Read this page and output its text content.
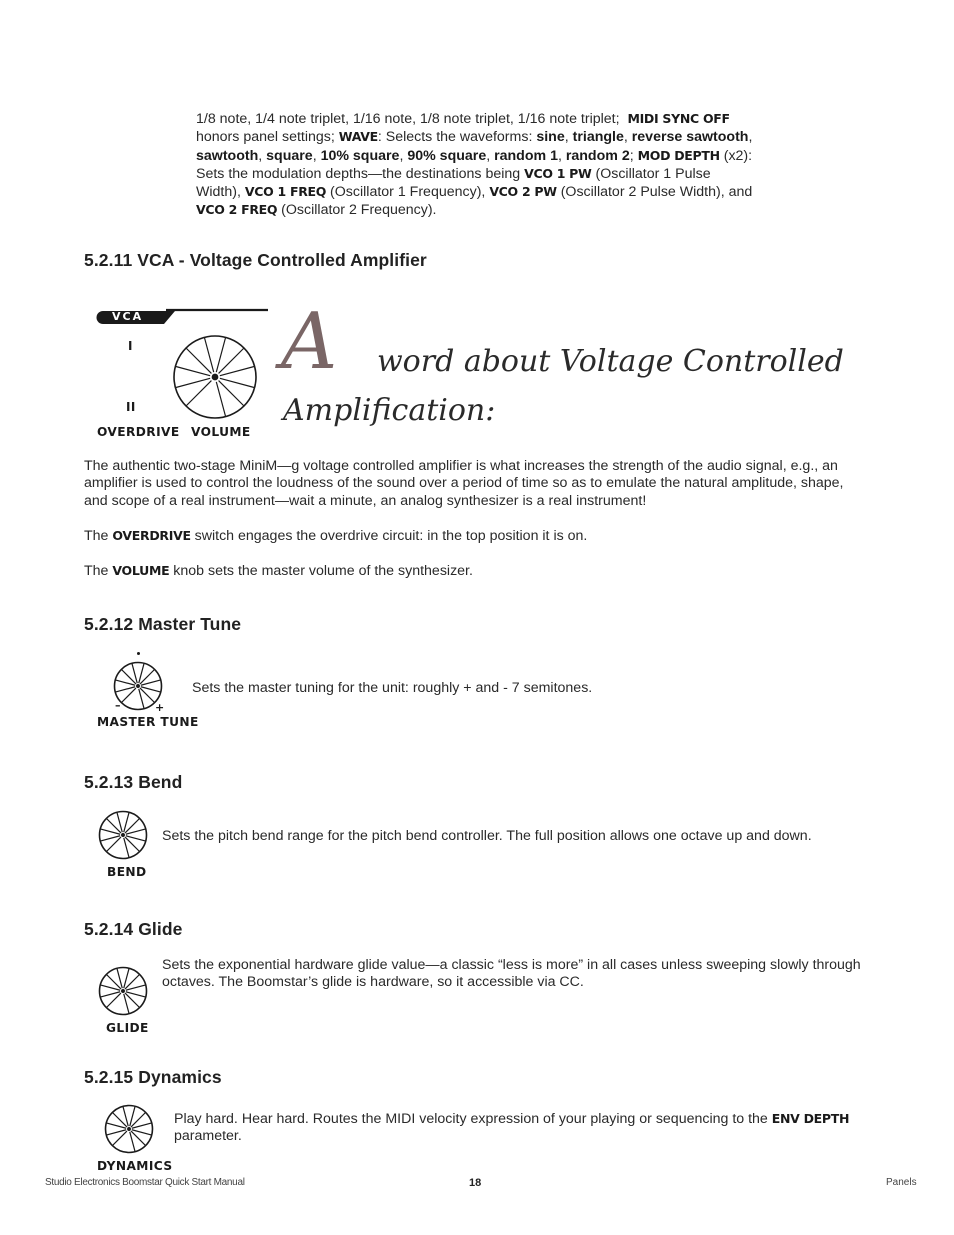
1/8 note, 1/4 note triplet, 1/16 note, 1/8 note triplet, 1/16 note triplet; MIDI SYNC OFF honors panel settings; WAVE: Selects the waveforms: sine, triangle, reverse sawtooth, sawtooth, square, 10% square, 90% square, random 1, random 2; MOD DEPTH (x2): Sets the modulation depths—the destinations being VCO 1 PW (Oscillator 1 Pulse Width), VCO 1 FREQ (Oscillator 1 Frequency), VCO 2 PW (Oscillator 2 Pulse Width), and VCO 2 FREQ (Oscillator 2 Frequency).
5.2.11 VCA - Voltage Controlled Amplifier
VCA
I
II
OVERDRIVE VOLUME
A word about Voltage Controlled
Amplification:
The authentic two-stage MiniM—g voltage controlled amplifier is what increases the strength of the audio signal, e.g., an amplifier is used to control the loudness of the sound over a period of time so as to emulate the natural amplitude, shape, and scope of a real instrument—wait a minute, an analog synthesizer is a real instrument!
The OVERDRIVE switch engages the overdrive circuit: in the top position it is on.
The VOLUME knob sets the master volume of the synthesizer.
5.2.12 Master Tune
–	+
MASTER TUNE
Sets the master tuning for the unit: roughly + and - 7 semitones.
5.2.13 Bend
BEND
Sets the pitch bend range for the pitch bend controller. The full position allows one octave up and down.
5.2.14 Glide
GLIDE
Sets the exponential hardware glide value—a classic “less is more” in all cases unless sweeping slowly through octaves. The Boomstar’s glide is hardware, so it accessible via CC.
5.2.15 Dynamics
DYNAMICS
Play hard. Hear hard. Routes the MIDI velocity expression of your playing or sequencing to the ENV DEPTH parameter.
Studio Electronics Boomstar Quick Start Manual	18	Panels
